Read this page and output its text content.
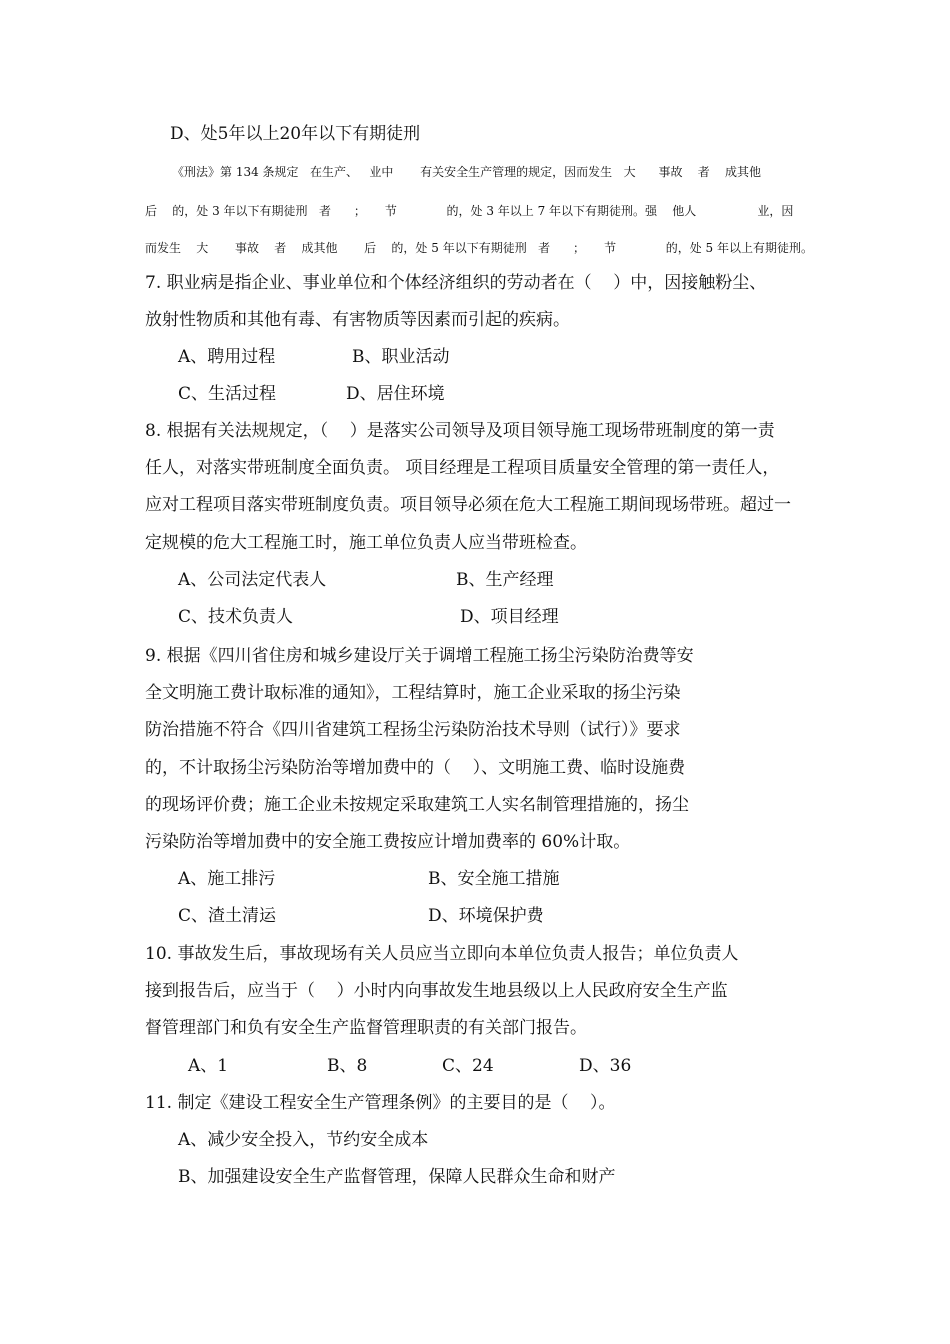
D、处5年以上20年以下有期徒刑
《刑法》第 134 条规定   在生产、   业中       有关安全生产管理的规定，因而发生   大      事故    者    成其他
后    的，处 3 年以下有期徒刑   者      ；     节             的，处 3 年以上 7 年以下有期徒刑。强    他人                业，因
而发生    大       事故    者    成其他       后    的，处 5 年以下有期徒刑   者      ；     节             的，处 5 年以上有期徒刑。
7. 职业病是指企业、事业单位和个体经济组织的劳动者在（    ）中，因接触粉尘、
放射性物质和其他有毒、有害物质等因素而引起的疾病。
A、聘用过程	B、职业活动
C、生活过程	D、居住环境
8. 根据有关法规规定，（    ）是落实公司领导及项目领导施工现场带班制度的第一责
任人，对落实带班制度全面负责。 项目经理是工程项目质量安全管理的第一责任人，
应对工程项目落实带班制度负责。项目领导必须在危大工程施工期间现场带班。超过一
定规模的危大工程施工时，施工单位负责人应当带班检查。
A、公司法定代表人	B、生产经理
C、技术负责人	D、项目经理
9. 根据《四川省住房和城乡建设厅关于调增工程施工扬尘污染防治费等安
全文明施工费计取标准的通知》，工程结算时，施工企业采取的扬尘污染
防治措施不符合《四川省建筑工程扬尘污染防治技术导则（试行）》要求
的，不计取扬尘污染防治等增加费中的（    ）、文明施工费、临时设施费
的现场评价费；施工企业未按规定采取建筑工人实名制管理措施的，扬尘
污染防治等增加费中的安全施工费按应计增加费率的 60%计取。
A、施工排污	B、安全施工措施
C、渣土清运	D、环境保护费
10. 事故发生后，事故现场有关人员应当立即向本单位负责人报告；单位负责人
接到报告后，应当于（    ）小时内向事故发生地县级以上人民政府安全生产监
督管理部门和负有安全生产监督管理职责的有关部门报告。
A、1	B、8	C、24	D、36
11. 制定《建设工程安全生产管理条例》的主要目的是（    ）。
A、减少安全投入，节约安全成本
B、加强建设安全生产监督管理，保障人民群众生命和财产
